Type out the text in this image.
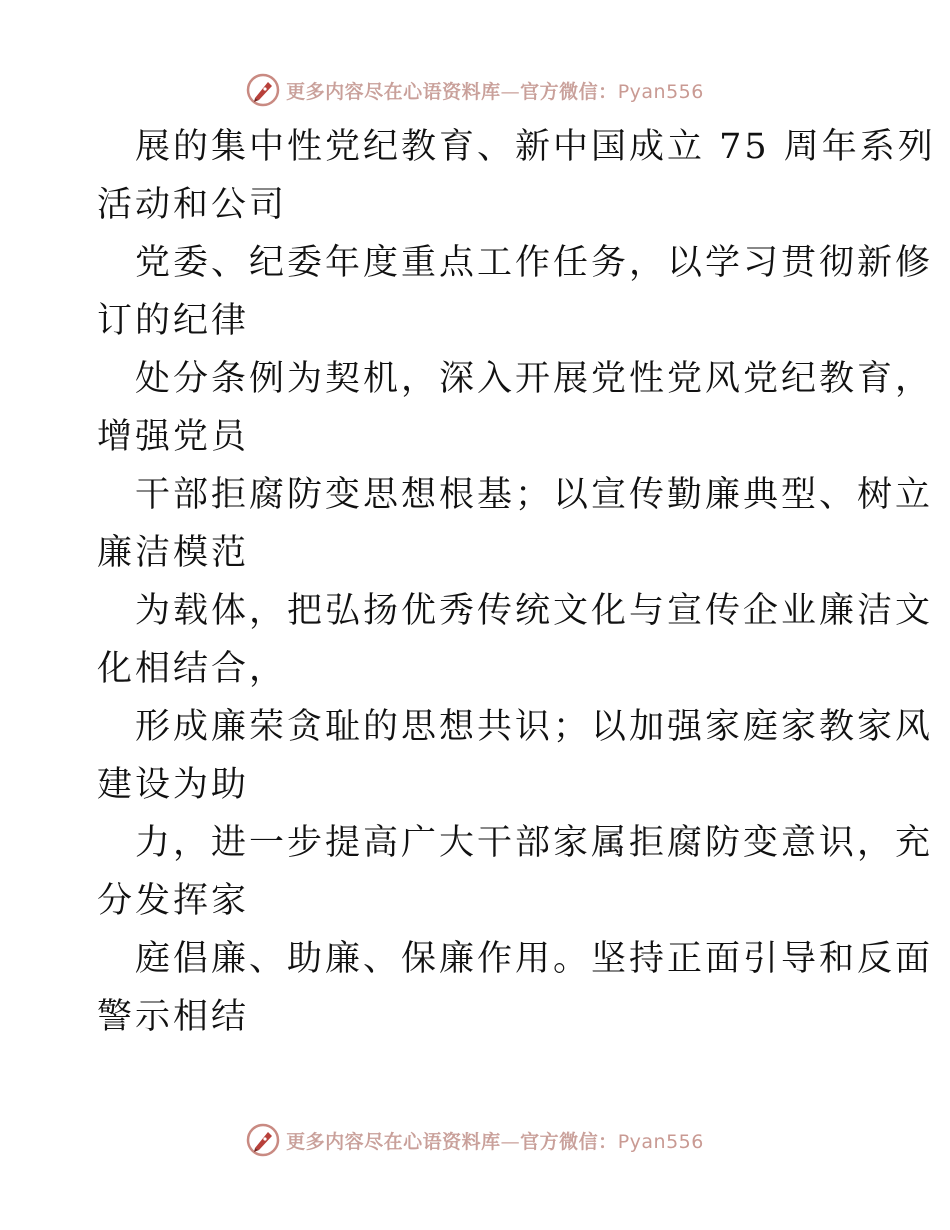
更多内容尽在心语资料库—官方微信：Pyan556

展的集中性党纪教育、新中国成立 75 周年系列
活动和公司

党委、纪委年度重点工作任务，以学习贯彻新修
订的纪律

处分条例为契机，深入开展党性党风党纪教育，
增强党员

干部拒腐防变思想根基；以宣传勤廉典型、树立
廉洁模范

为载体，把弘扬优秀传统文化与宣传企业廉洁文
化相结合，

形成廉荣贪耻的思想共识；以加强家庭家教家风
建设为助

力，进一步提高广大干部家属拒腐防变意识，充
分发挥家

庭倡廉、助廉、保廉作用。坚持正面引导和反面
警示相结

更多内容尽在心语资料库—官方微信：Pyan556
